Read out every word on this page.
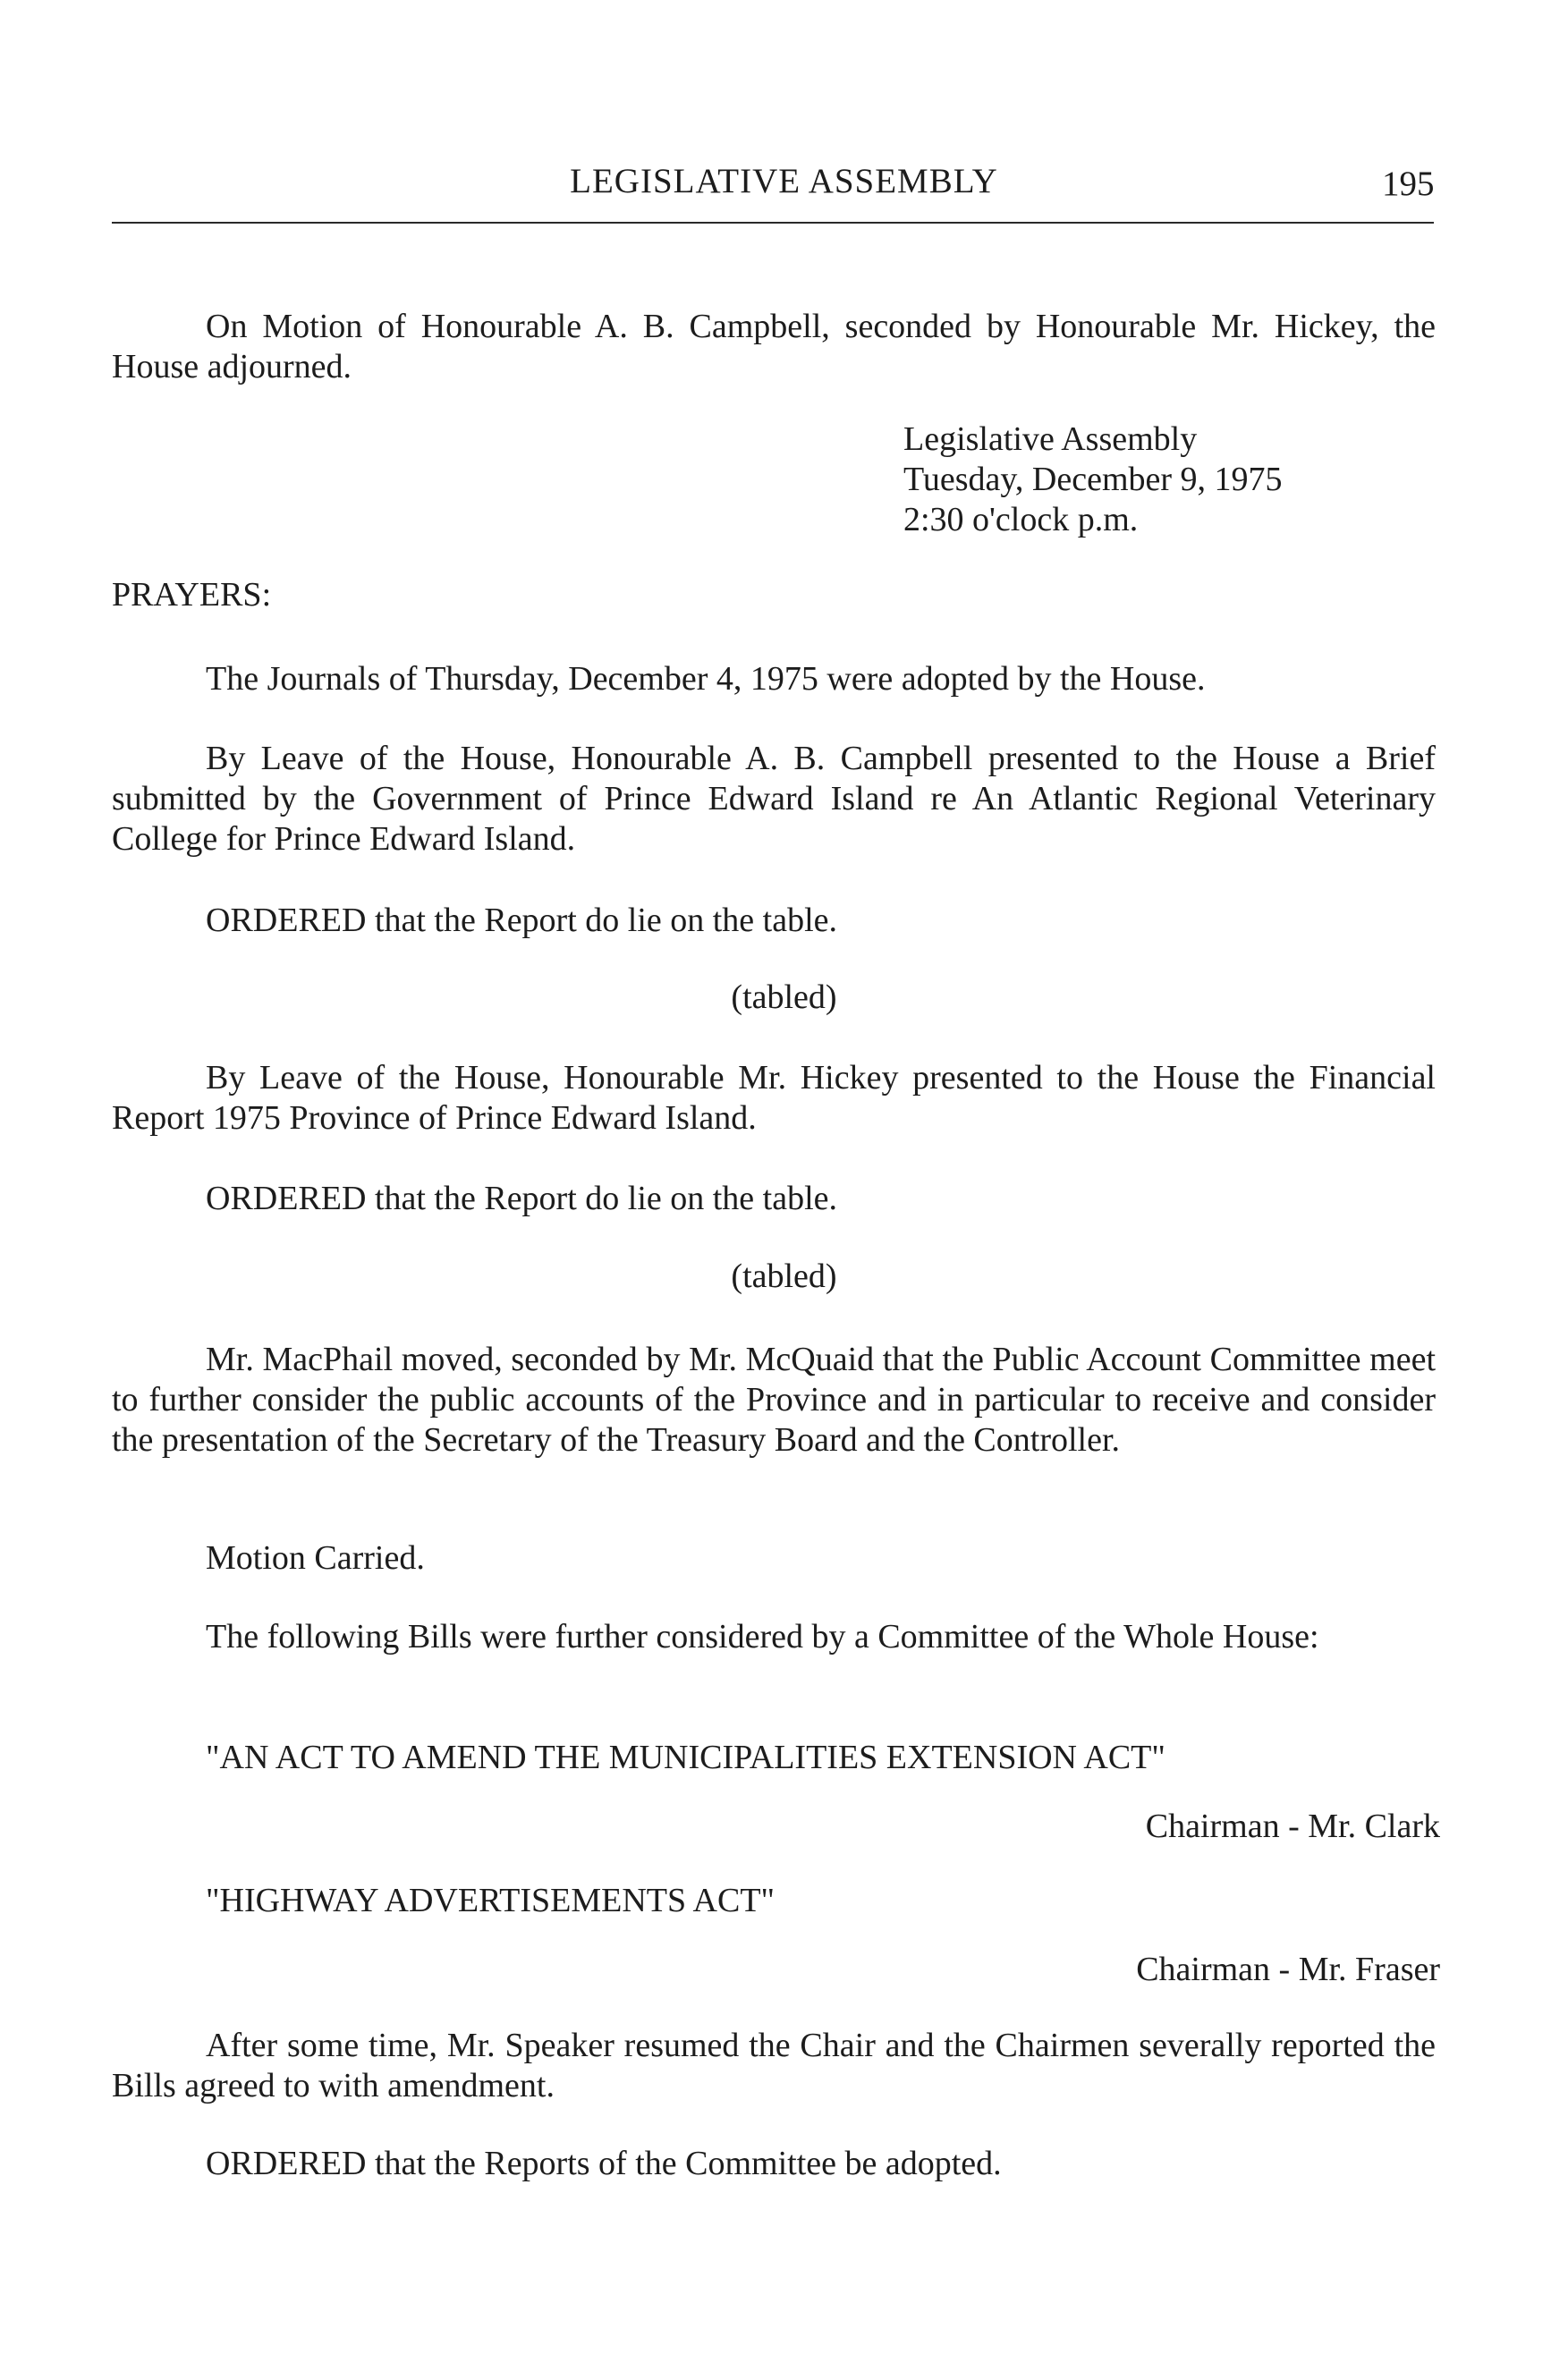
LEGISLATIVE ASSEMBLY	195

On Motion of Honourable A. B. Campbell, seconded by Honourable Mr. Hickey, the House adjourned.

Legislative Assembly
Tuesday, December 9, 1975
2:30 o'clock p.m.
PRAYERS:

The Journals of Thursday, December 4, 1975 were adopted by the House.

By Leave of the House, Honourable A. B. Campbell presented to the House a Brief submitted by the Government of Prince Edward Island re An Atlantic Regional Veterinary College for Prince Edward Island.

ORDERED that the Report do lie on the table.

(tabled)

By Leave of the House, Honourable Mr. Hickey presented to the House the Financial Report 1975 Province of Prince Edward Island.

ORDERED that the Report do lie on the table.

(tabled)

Mr. MacPhail moved, seconded by Mr. McQuaid that the Public Account Committee meet to further consider the public accounts of the Province and in particular to receive and consider the presentation of the Secretary of the Treasury Board and the Controller.

Motion Carried.

The following Bills were further considered by a Committee of the Whole House:

"AN ACT TO AMEND THE MUNICIPALITIES EXTENSION ACT"
Chairman - Mr. Clark
"HIGHWAY ADVERTISEMENTS ACT"
Chairman - Mr. Fraser

After some time, Mr. Speaker resumed the Chair and the Chairmen severally reported the Bills agreed to with amendment.

ORDERED that the Reports of the Committee be adopted.
